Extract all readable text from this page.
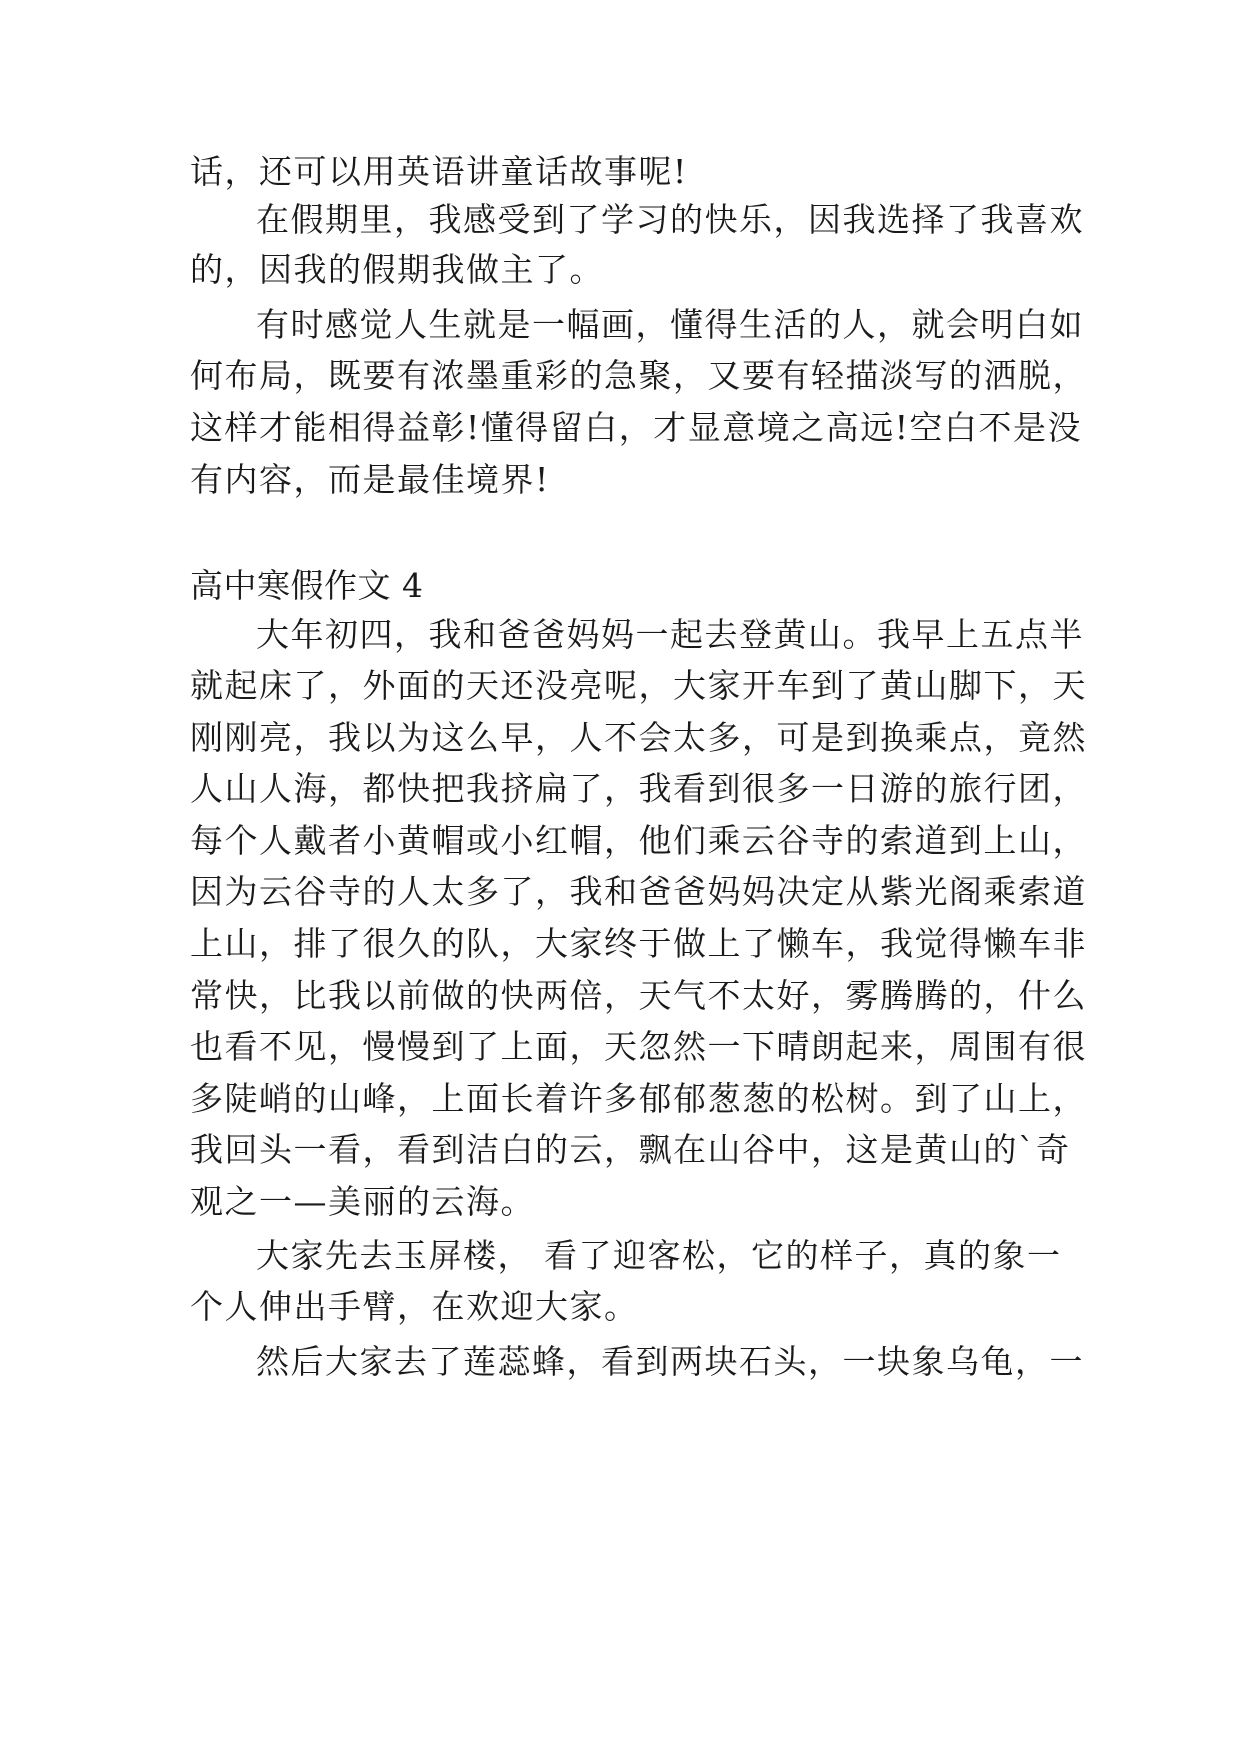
话，还可以用英语讲童话故事呢!
在假期里，我感受到了学习的快乐，因我选择了我喜欢
的，因我的假期我做主了。
有时感觉人生就是一幅画，懂得生活的人，就会明白如
何布局，既要有浓墨重彩的急聚，又要有轻描淡写的洒脱，
这样才能相得益彰!懂得留白，才显意境之高远!空白不是没
有内容，而是最佳境界!
高中寒假作文 4
大年初四，我和爸爸妈妈一起去登黄山。我早上五点半
就起床了，外面的天还没亮呢，大家开车到了黄山脚下，天
刚刚亮，我以为这么早，人不会太多，可是到换乘点，竟然
人山人海，都快把我挤扁了，我看到很多一日游的旅行团，
每个人戴者小黄帽或小红帽，他们乘云谷寺的索道到上山，
因为云谷寺的人太多了，我和爸爸妈妈决定从紫光阁乘索道
上山，排了很久的队，大家终于做上了懒车，我觉得懒车非
常快，比我以前做的快两倍，天气不太好，雾腾腾的，什么
也看不见，慢慢到了上面，天忽然一下晴朗起来，周围有很
多陡峭的山峰，上面长着许多郁郁葱葱的松树。到了山上，
我回头一看，看到洁白的云，飘在山谷中，这是黄山的`奇
观之一—美丽的云海。
大家先去玉屏楼， 看了迎客松，它的样子，真的象一
个人伸出手臂，在欢迎大家。
然后大家去了莲蕊蜂，看到两块石头，一块象乌龟，一
